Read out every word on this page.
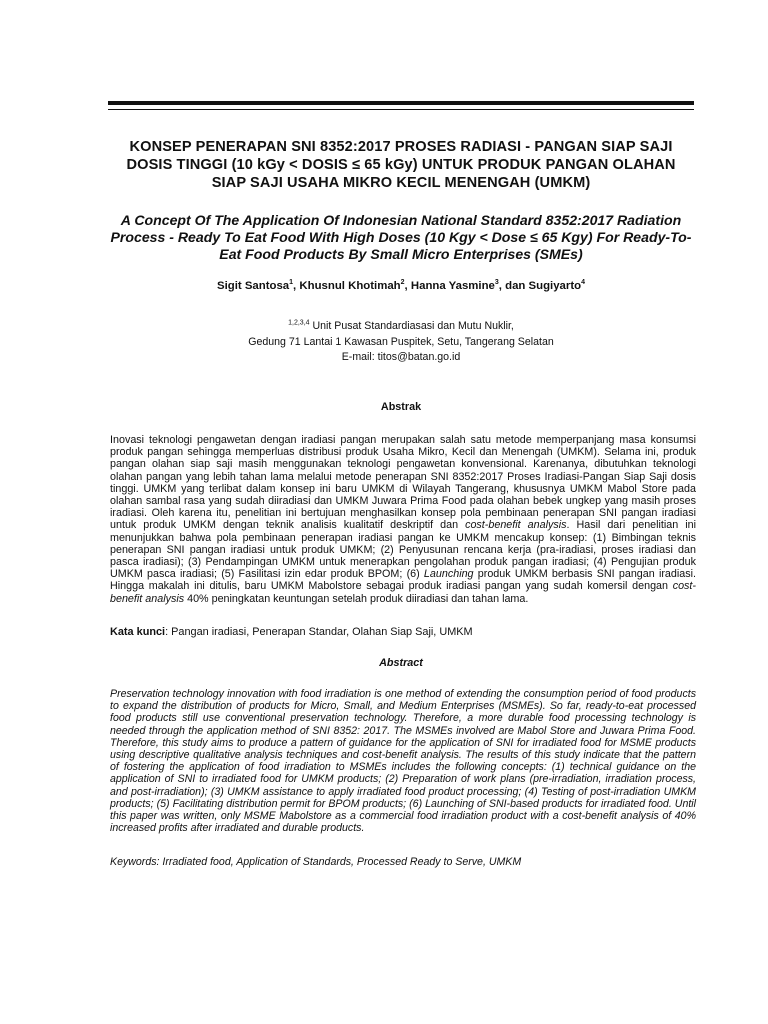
KONSEP PENERAPAN SNI 8352:2017 PROSES RADIASI - PANGAN SIAP SAJI DOSIS TINGGI (10 kGy < DOSIS ≤ 65 kGy) UNTUK PRODUK PANGAN OLAHAN SIAP SAJI USAHA MIKRO KECIL MENENGAH (UMKM)
A Concept Of The Application Of Indonesian National Standard 8352:2017 Radiation Process - Ready To Eat Food With High Doses (10 Kgy < Dose ≤ 65 Kgy) For Ready-To-Eat Food Products By Small Micro Enterprises (SMEs)
Sigit Santosa$^1$, Khusnul Khotimah$^2$, Hanna Yasmine$^3$, dan Sugiyarto$^4$
$^{1,2,3,4}$ Unit Pusat Standardiasasi dan Mutu Nuklir,
Gedung 71 Lantai 1 Kawasan Puspitek, Setu, Tangerang Selatan
E-mail: titos@batan.go.id
Abstrak
Inovasi teknologi pengawetan dengan iradiasi pangan merupakan salah satu metode memperpanjang masa konsumsi produk pangan sehingga memperluas distribusi produk Usaha Mikro, Kecil dan Menengah (UMKM). Selama ini, produk pangan olahan siap saji masih menggunakan teknologi pengawetan konvensional. Karenanya, dibutuhkan teknologi olahan pangan yang lebih tahan lama melalui metode penerapan SNI 8352:2017 Proses Iradiasi-Pangan Siap Saji dosis tinggi. UMKM yang terlibat dalam konsep ini baru UMKM di Wilayah Tangerang, khususnya UMKM Mabol Store pada olahan sambal rasa yang sudah diiradiasi dan UMKM Juwara Prima Food pada olahan bebek ungkep yang masih proses iradiasi. Oleh karena itu, penelitian ini bertujuan menghasilkan konsep pola pembinaan penerapan SNI pangan iradiasi untuk produk UMKM dengan teknik analisis kualitatif deskriptif dan cost-benefit analysis. Hasil dari penelitian ini menunjukkan bahwa pola pembinaan penerapan iradiasi pangan ke UMKM mencakup konsep: (1) Bimbingan teknis penerapan SNI pangan iradiasi untuk produk UMKM; (2) Penyusunan rencana kerja (pra-iradiasi, proses iradiasi dan pasca iradiasi); (3) Pendampingan UMKM untuk menerapkan pengolahan produk pangan iradiasi; (4) Pengujian produk UMKM pasca iradiasi; (5) Fasilitasi izin edar produk BPOM; (6) Launching produk UMKM berbasis SNI pangan iradiasi. Hingga makalah ini ditulis, baru UMKM Mabolstore sebagai produk iradiasi pangan yang sudah komersil dengan cost-benefit analysis 40% peningkatan keuntungan setelah produk diiradiasi dan tahan lama.
Kata kunci: Pangan iradiasi, Penerapan Standar, Olahan Siap Saji, UMKM
Abstract
Preservation technology innovation with food irradiation is one method of extending the consumption period of food products to expand the distribution of products for Micro, Small, and Medium Enterprises (MSMEs). So far, ready-to-eat processed food products still use conventional preservation technology. Therefore, a more durable food processing technology is needed through the application method of SNI 8352: 2017. The MSMEs involved are Mabol Store and Juwara Prima Food. Therefore, this study aims to produce a pattern of guidance for the application of SNI for irradiated food for MSME products using descriptive qualitative analysis techniques and cost-benefit analysis. The results of this study indicate that the pattern of fostering the application of food irradiation to MSMEs includes the following concepts: (1) technical guidance on the application of SNI to irradiated food for UMKM products; (2) Preparation of work plans (pre-irradiation, irradiation process, and post-irradiation); (3) UMKM assistance to apply irradiated food product processing; (4) Testing of post-irradiation UMKM products; (5) Facilitating distribution permit for BPOM products; (6) Launching of SNI-based products for irradiated food. Until this paper was written, only MSME Mabolstore as a commercial food irradiation product with a cost-benefit analysis of 40% increased profits after irradiated and durable products.
Keywords: Irradiated food, Application of Standards, Processed Ready to Serve, UMKM
